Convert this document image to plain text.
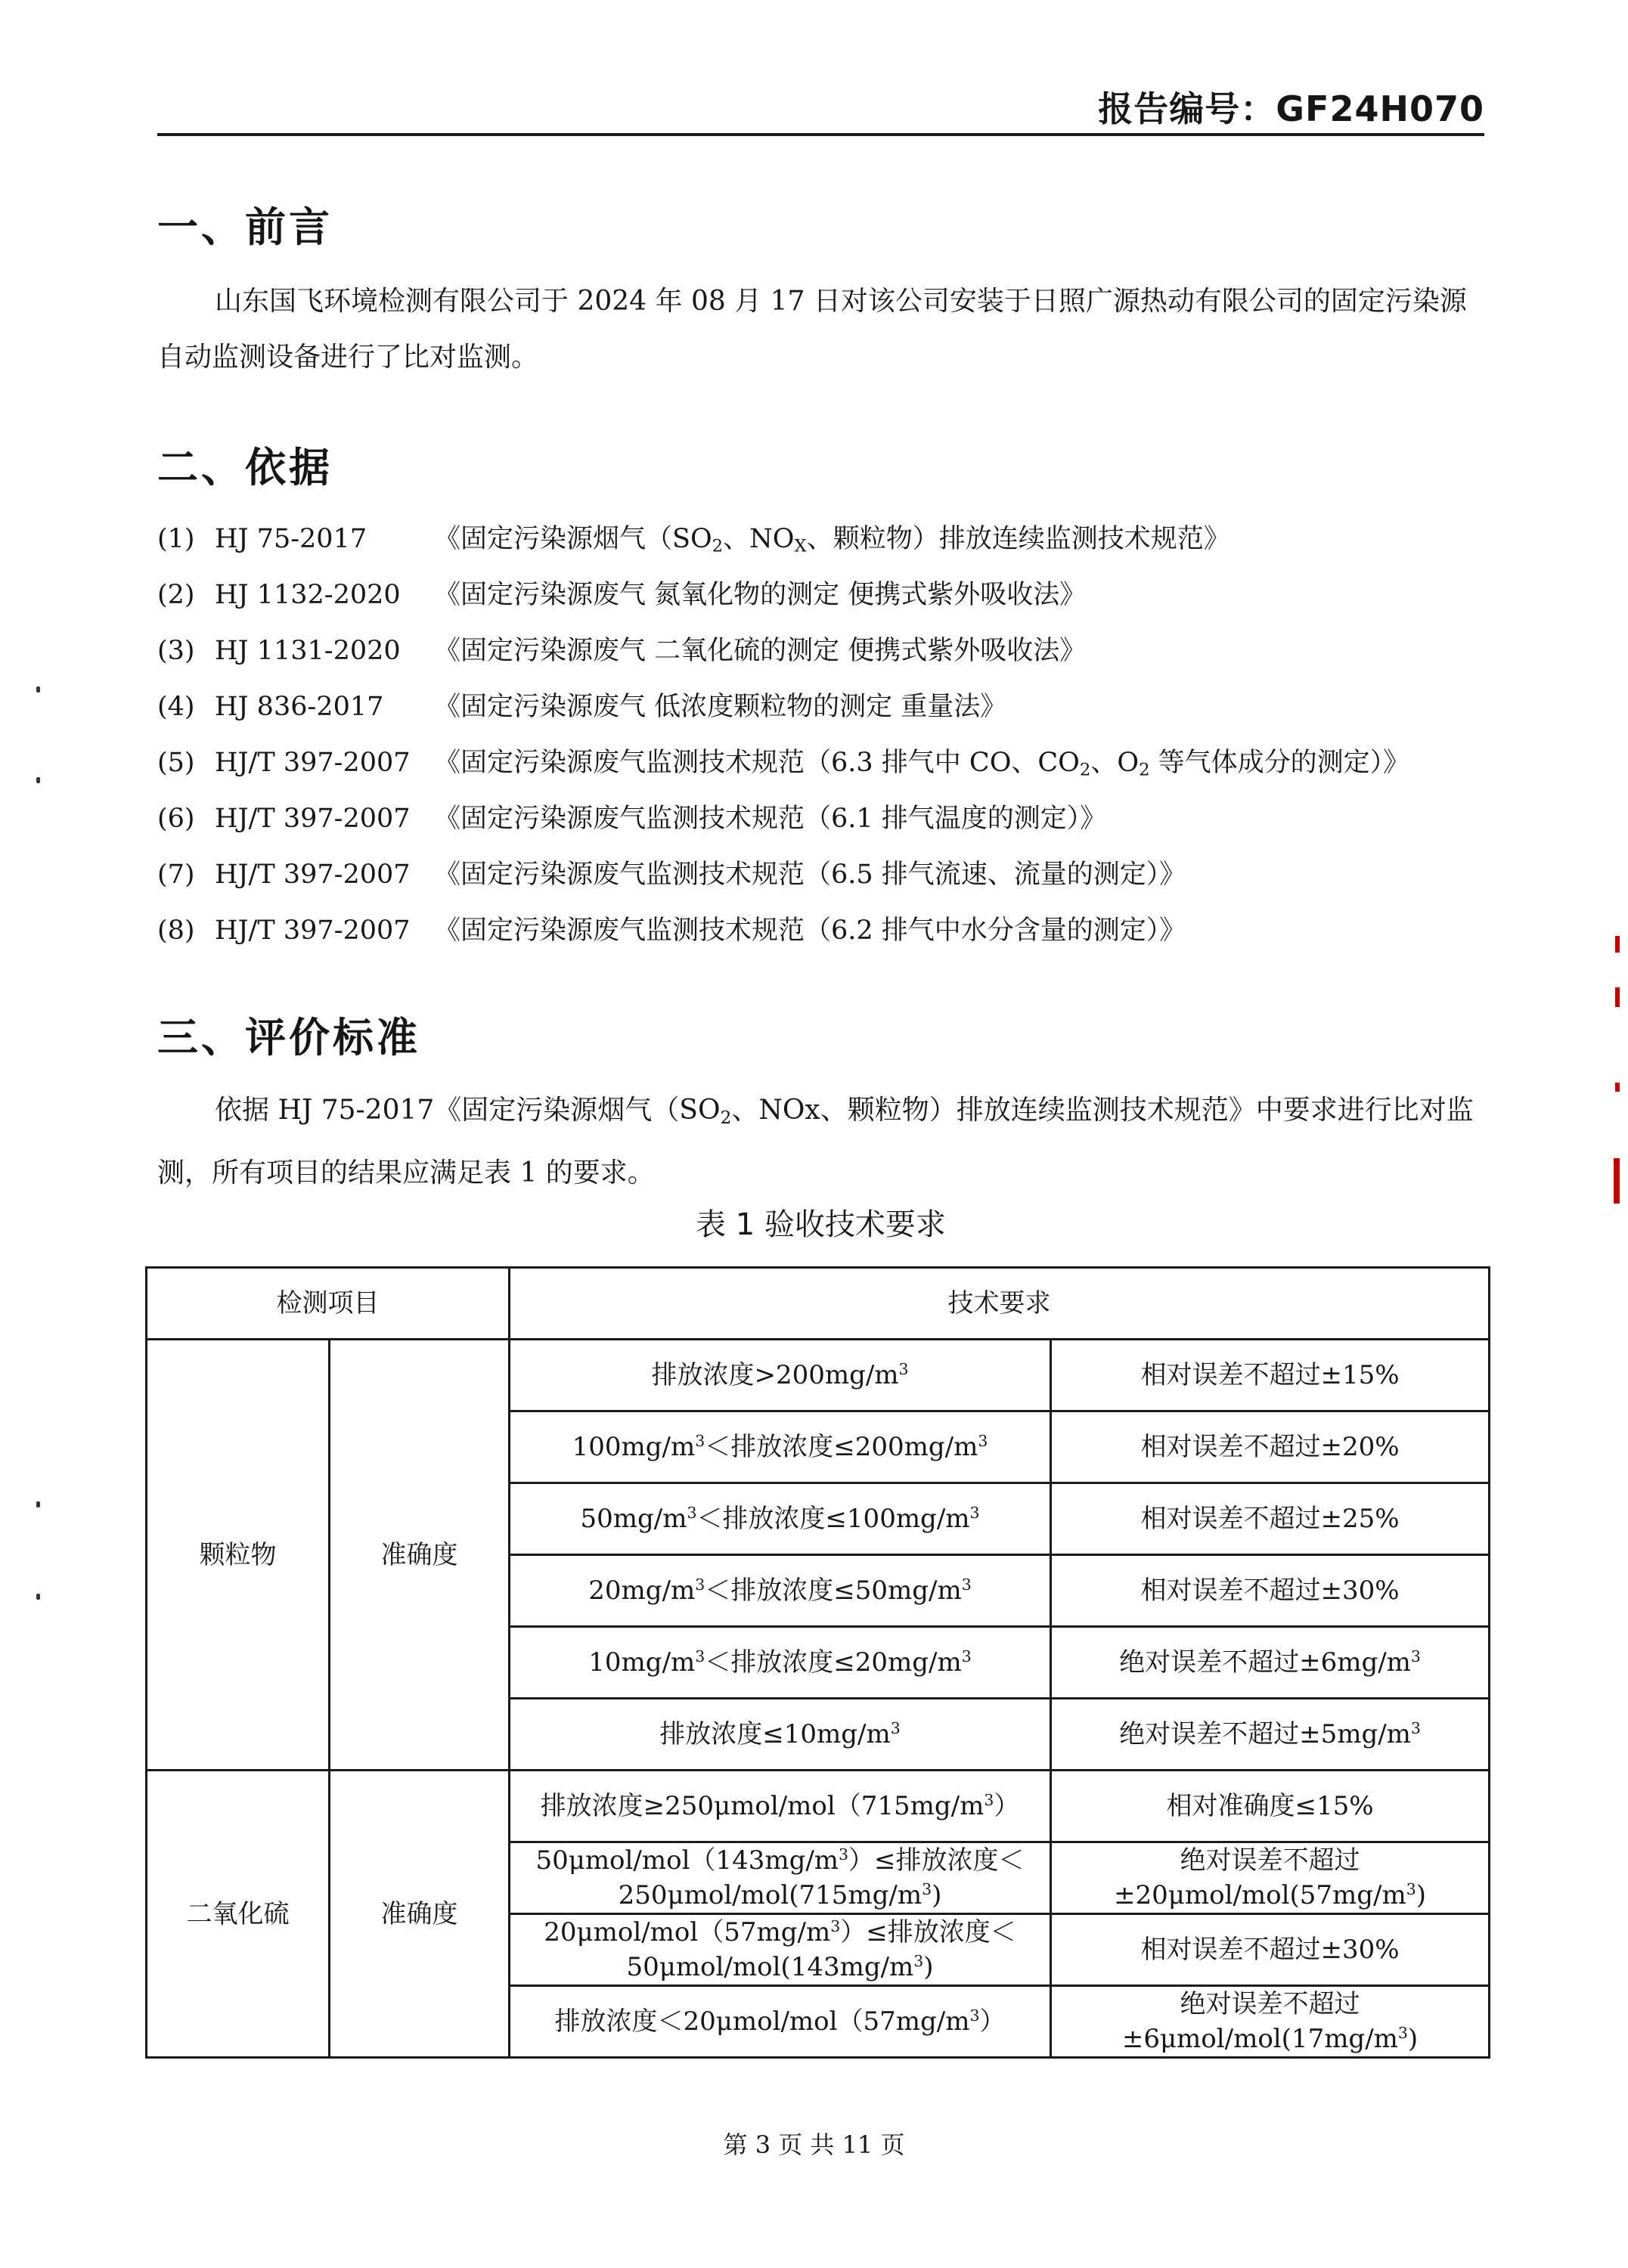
报告编号：GF24H070
一、前言
山东国飞环境检测有限公司于 2024 年 08 月 17 日对该公司安装于日照广源热动有限公司的固定污染源自动监测设备进行了比对监测。
二、依据
(1) HJ 75-2017	《固定污染源烟气（$SO_2$、$NO_X$、颗粒物）排放连续监测技术规范》
(2) HJ 1132-2020 《固定污染源废气 氮氧化物的测定 便携式紫外吸收法》
(3) HJ 1131-2020 《固定污染源废气 二氧化硫的测定 便携式紫外吸收法》
(4) HJ 836-2017 《固定污染源废气 低浓度颗粒物的测定 重量法》
(5) HJ/T 397-2007 《固定污染源废气监测技术规范（6.3 排气中 CO、$CO_2$、$O_2$ 等气体成分的测定）》
(6) HJ/T 397-2007 《固定污染源废气监测技术规范（6.1 排气温度的测定）》
(7) HJ/T 397-2007 《固定污染源废气监测技术规范（6.5 排气流速、流量的测定）》
(8) HJ/T 397-2007 《固定污染源废气监测技术规范（6.2 排气中水分含量的测定）》
三、评价标准
依据 HJ 75-2017《固定污染源烟气（$SO_2$、NOx、颗粒物）排放连续监测技术规范》中要求进行比对监测，所有项目的结果应满足表 1 的要求。
表 1 验收技术要求
检测项目		技术要求	
颗粒物	准确度	排放浓度$>200mg/m^3$	相对误差不超过±15%
		$100mg/m^3<$排放浓度$\le 200mg/m^3$	相对误差不超过±20%
		$50mg/m^3<$排放浓度$\le 100mg/m^3$	相对误差不超过±25%
		$20mg/m^3<$排放浓度$\le 50mg/m^3$	相对误差不超过±30%
		$10mg/m^3<$排放浓度$\le 20mg/m^3$	绝对误差不超过$\pm 6mg/m^3$
		排放浓度$\le 10mg/m^3$	绝对误差不超过$\pm 5mg/m^3$
二氧化硫	准确度	排放浓度$\ge 250\mu mol/mol(715mg/m^3)$	相对准确度≤15%
		$50\mu mol/mol(143mg/m^3)\le$排放浓度＜
$250\mu mol/mol(715mg/m^3)$	绝对误差不超过
$\pm 20\mu mol/mol(57mg/m^3)$
		$20\mu mol/mol(57mg/m^3)\le$排放浓度＜
$50\mu mol/mol(143mg/m^3)$	相对误差不超过±30%
		排放浓度$<20\mu mol/mol(57mg/m^3)$	绝对误差不超过
$\pm 6\mu mol/mol(17mg/m^3)$
第 3 页 共 11 页
